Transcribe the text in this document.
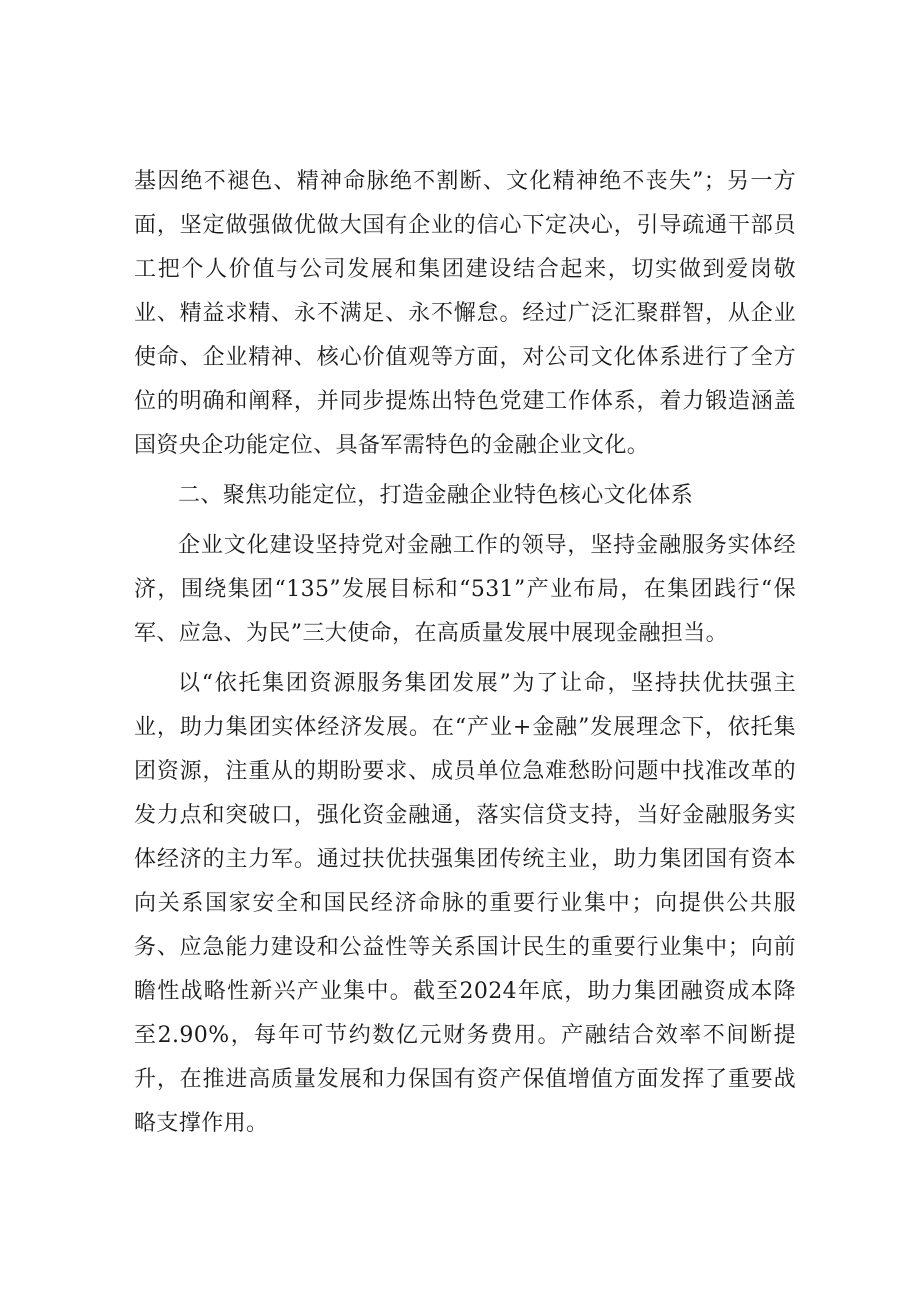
基因绝不褪色、精神命脉绝不割断、文化精神绝不丧失”；另一方面，坚定做强做优做大国有企业的信心下定决心，引导疏通干部员工把个人价值与公司发展和集团建设结合起来，切实做到爱岗敬业、精益求精、永不满足、永不懈怠。经过广泛汇聚群智，从企业使命、企业精神、核心价值观等方面，对公司文化体系进行了全方位的明确和阐释，并同步提炼出特色党建工作体系，着力锻造涵盖国资央企功能定位、具备军需特色的金融企业文化。

二、聚焦功能定位，打造金融企业特色核心文化体系

企业文化建设坚持党对金融工作的领导，坚持金融服务实体经济，围绕集团“135”发展目标和“531”产业布局，在集团践行“保军、应急、为民”三大使命，在高质量发展中展现金融担当。

以“依托集团资源服务集团发展”为了让命，坚持扶优扶强主业，助力集团实体经济发展。在“产业+金融”发展理念下，依托集团资源，注重从的期盼要求、成员单位急难愁盼问题中找准改革的发力点和突破口，强化资金融通，落实信贷支持，当好金融服务实体经济的主力军。通过扶优扶强集团传统主业，助力集团国有资本向关系国家安全和国民经济命脉的重要行业集中；向提供公共服务、应急能力建设和公益性等关系国计民生的重要行业集中；向前瞻性战略性新兴产业集中。截至2024年底，助力集团融资成本降至2.90%，每年可节约数亿元财务费用。产融结合效率不间断提升，在推进高质量发展和力保国有资产保值增值方面发挥了重要战略支撑作用。
